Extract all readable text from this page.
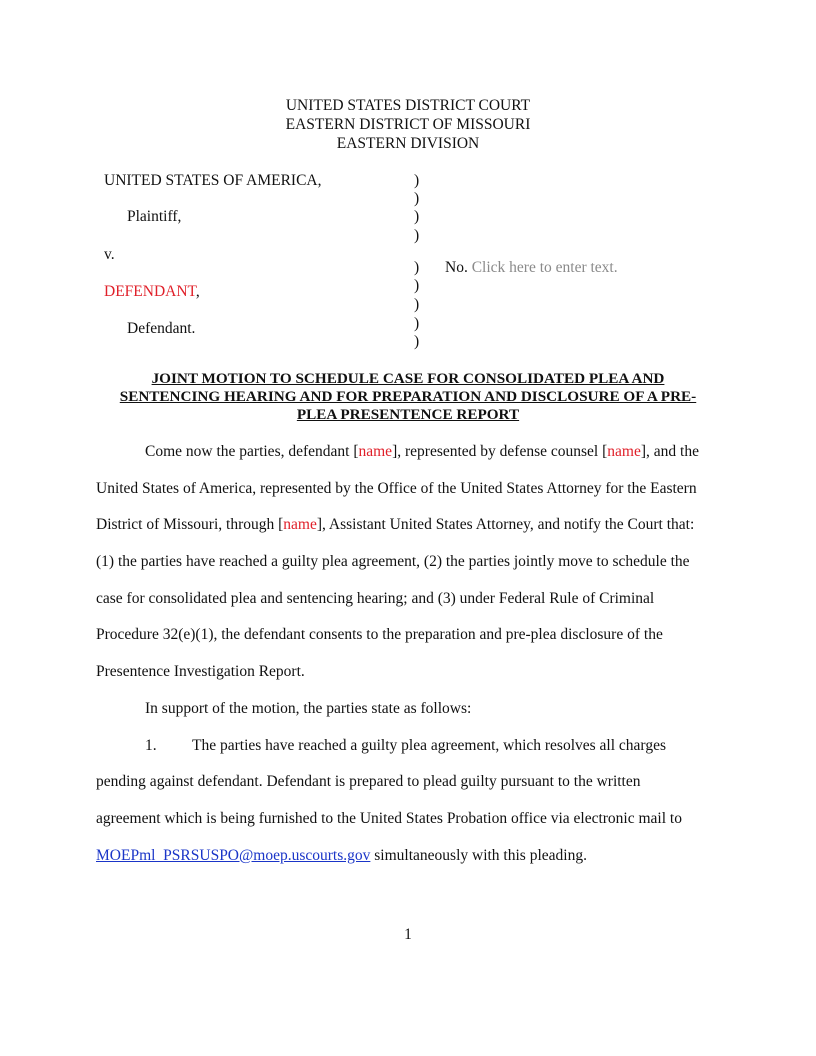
UNITED STATES DISTRICT COURT
EASTERN DISTRICT OF MISSOURI
EASTERN DIVISION
UNITED STATES OF AMERICA,
Plaintiff,
v.
DEFENDANT,
Defendant.
)
)
)
)
)
)
)
)
)
No. Click here to enter text.
JOINT MOTION TO SCHEDULE CASE FOR CONSOLIDATED PLEA AND
SENTENCING HEARING AND FOR PREPARATION AND DISCLOSURE OF A PRE-
PLEA PRESENTENCE REPORT
Come now the parties, defendant [name], represented by defense counsel [name], and the
United States of America, represented by the Office of the United States Attorney for the Eastern
District of Missouri, through [name], Assistant United States Attorney, and notify the Court that:
(1) the parties have reached a guilty plea agreement, (2) the parties jointly move to schedule the
case for consolidated plea and sentencing hearing; and (3) under Federal Rule of Criminal
Procedure 32(e)(1), the defendant consents to the preparation and pre-plea disclosure of the
Presentence Investigation Report.
In support of the motion, the parties state as follows:
1. The parties have reached a guilty plea agreement, which resolves all charges
pending against defendant. Defendant is prepared to plead guilty pursuant to the written
agreement which is being furnished to the United States Probation office via electronic mail to
MOEPml_PSRSUSPO@moep.uscourts.gov simultaneously with this pleading.
1
